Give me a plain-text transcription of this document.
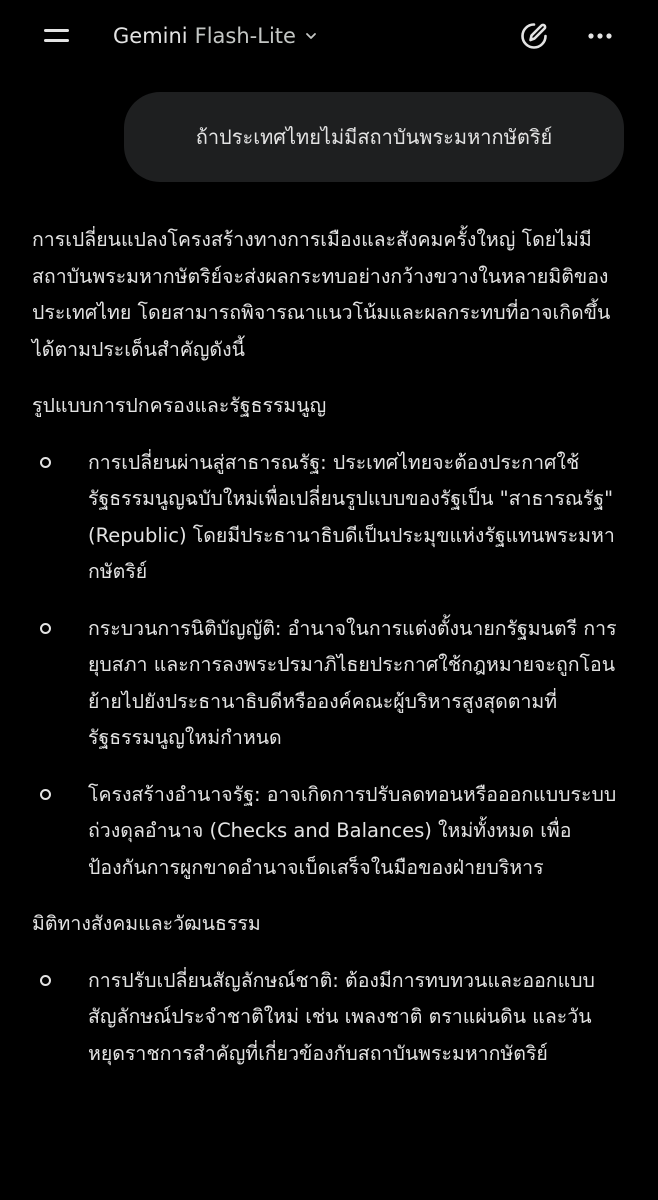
Gemini Flash-Lite
ถ้าประเทศไทยไม่มีสถาบันพระมหากษัตริย์

การเปลี่ยนแปลงโครงสร้างทางการเมืองและสังคมครั้งใหญ่ โดยไม่มีสถาบันพระมหากษัตริย์จะส่งผลกระทบอย่างกว้างขวางในหลายมิติของประเทศไทย โดยสามารถพิจารณาแนวโน้มและผลกระทบที่อาจเกิดขึ้นได้ตามประเด็นสำคัญดังนี้

รูปแบบการปกครองและรัฐธรรมนูญ

การเปลี่ยนผ่านสู่สาธารณรัฐ: ประเทศไทยจะต้องประกาศใช้รัฐธรรมนูญฉบับใหม่เพื่อเปลี่ยนรูปแบบของรัฐเป็น "สาธารณรัฐ" (Republic) โดยมีประธานาธิบดีเป็นประมุขแห่งรัฐแทนพระมหากษัตริย์
กระบวนการนิติบัญญัติ: อำนาจในการแต่งตั้งนายกรัฐมนตรี การยุบสภา และการลงพระปรมาภิไธยประกาศใช้กฎหมายจะถูกโอนย้ายไปยังประธานาธิบดีหรือองค์คณะผู้บริหารสูงสุดตามที่รัฐธรรมนูญใหม่กำหนด
โครงสร้างอำนาจรัฐ: อาจเกิดการปรับลดทอนหรือออกแบบระบบถ่วงดุลอำนาจ (Checks and Balances) ใหม่ทั้งหมด เพื่อป้องกันการผูกขาดอำนาจเบ็ดเสร็จในมือของฝ่ายบริหาร

มิติทางสังคมและวัฒนธรรม

การปรับเปลี่ยนสัญลักษณ์ชาติ: ต้องมีการทบทวนและออกแบบสัญลักษณ์ประจำชาติใหม่ เช่น เพลงชาติ ตราแผ่นดิน และวันหยุดราชการสำคัญที่เกี่ยวข้องกับสถาบันพระมหากษัตริย์
